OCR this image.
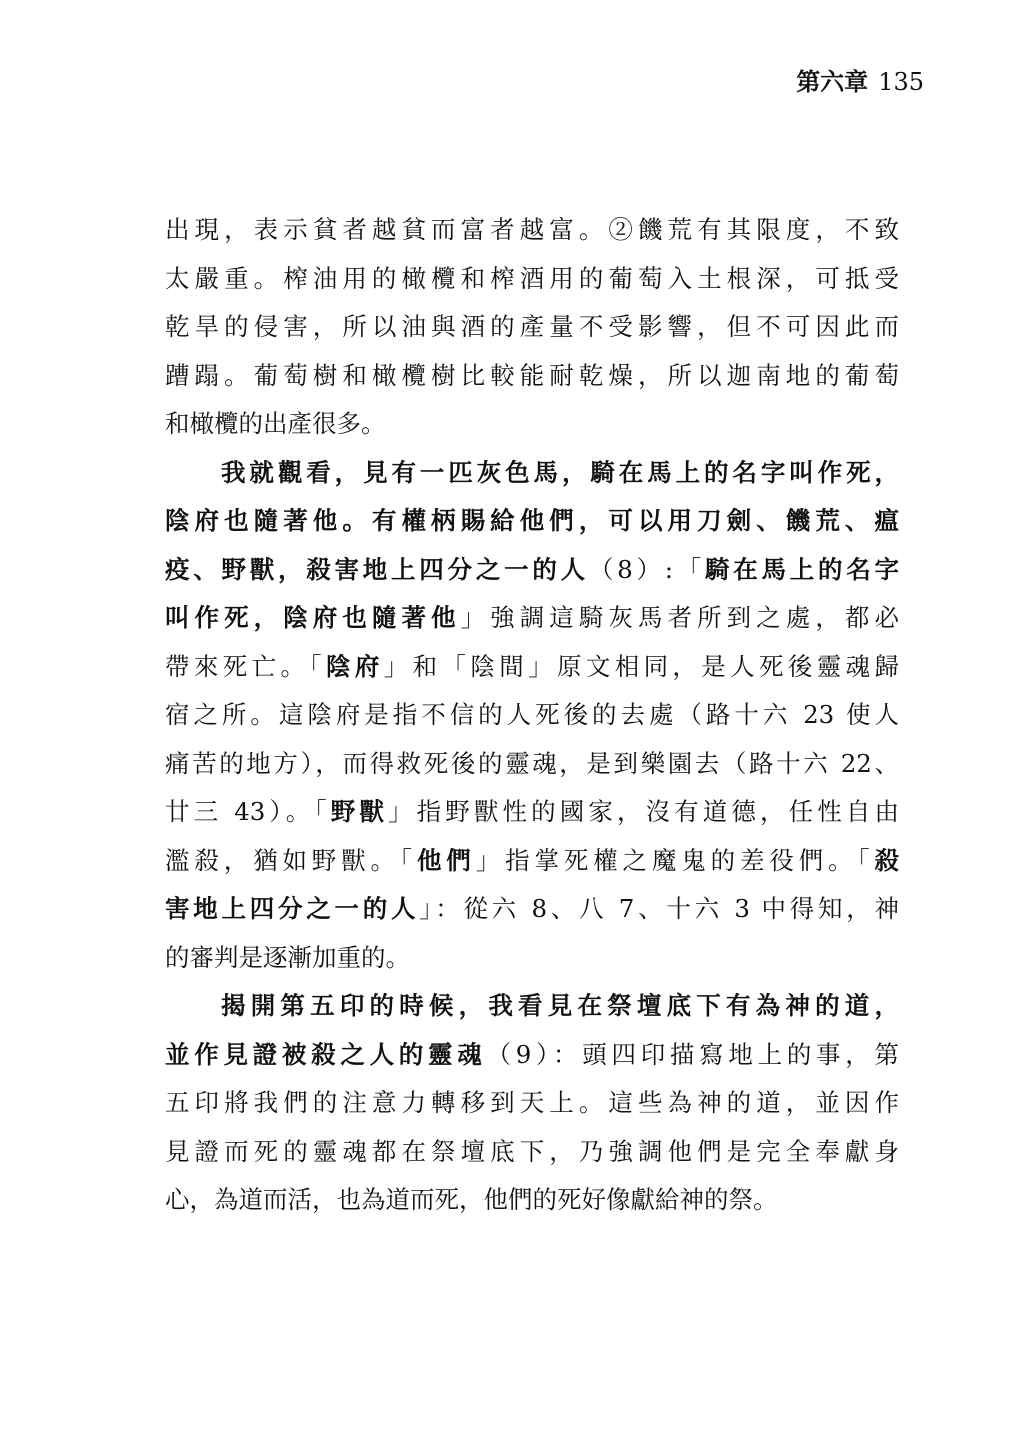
第六章 135
出現，表示貧者越貧而富者越富。②饑荒有其限度，不致
太嚴重。榨油用的橄欖和榨酒用的葡萄入土根深，可抵受
乾旱的侵害，所以油與酒的產量不受影響，但不可因此而
蹧蹋。葡萄樹和橄欖樹比較能耐乾燥，所以迦南地的葡萄
和橄欖的出產很多。
我就觀看，見有一匹灰色馬，騎在馬上的名字叫作死，
陰府也隨著他。有權柄賜給他們，可以用刀劍、饑荒、瘟
疫、野獸，殺害地上四分之一的人（8）:「騎在馬上的名字
叫作死，陰府也隨著他」強調這騎灰馬者所到之處，都必
帶來死亡。「陰府」和「陰間」原文相同，是人死後靈魂歸
宿之所。這陰府是指不信的人死後的去處（路十六 23 使人
痛苦的地方），而得救死後的靈魂，是到樂園去（路十六 22、
廿三 43）。「野獸」指野獸性的國家，沒有道德，任性自由
濫殺，猶如野獸。「他們」指掌死權之魔鬼的差役們。「殺
害地上四分之一的人」：從六 8、八 7、十六 3 中得知，神
的審判是逐漸加重的。
揭開第五印的時候，我看見在祭壇底下有為神的道，
並作見證被殺之人的靈魂（9）：頭四印描寫地上的事，第
五印將我們的注意力轉移到天上。這些為神的道，並因作
見證而死的靈魂都在祭壇底下，乃強調他們是完全奉獻身
心，為道而活，也為道而死，他們的死好像獻給神的祭。
